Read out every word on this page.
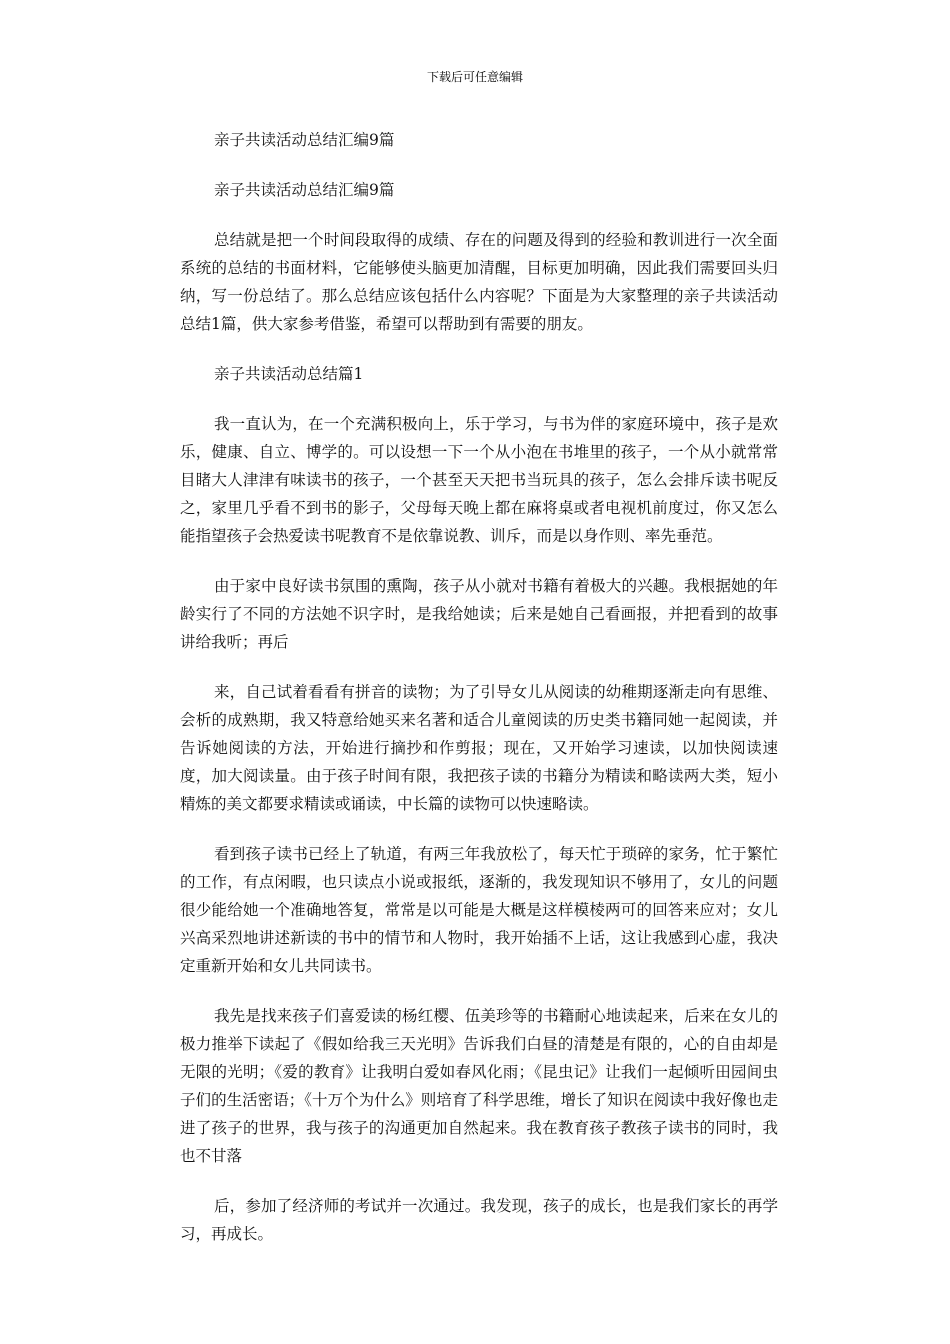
下载后可任意编辑

亲子共读活动总结汇编9篇

亲子共读活动总结汇编9篇

总结就是把一个时间段取得的成绩、存在的问题及得到的经验和教训进行一次全面系统的总结的书面材料，它能够使头脑更加清醒，目标更加明确，因此我们需要回头归纳，写一份总结了。那么总结应该包括什么内容呢？下面是为大家整理的亲子共读活动总结1篇，供大家参考借鉴，希望可以帮助到有需要的朋友。

亲子共读活动总结篇1

我一直认为，在一个充满积极向上，乐于学习，与书为伴的家庭环境中，孩子是欢乐，健康、自立、博学的。可以设想一下一个从小泡在书堆里的孩子，一个从小就常常目睹大人津津有味读书的孩子，一个甚至天天把书当玩具的孩子，怎么会排斥读书呢反之，家里几乎看不到书的影子，父母每天晚上都在麻将桌或者电视机前度过，你又怎么能指望孩子会热爱读书呢教育不是依靠说教、训斥，而是以身作则、率先垂范。

由于家中良好读书氛围的熏陶，孩子从小就对书籍有着极大的兴趣。我根据她的年龄实行了不同的方法她不识字时，是我给她读；后来是她自己看画报，并把看到的故事讲给我听；再后

来，自己试着看看有拼音的读物；为了引导女儿从阅读的幼稚期逐渐走向有思维、会析的成熟期，我又特意给她买来名著和适合儿童阅读的历史类书籍同她一起阅读，并告诉她阅读的方法，开始进行摘抄和作剪报；现在，又开始学习速读，以加快阅读速度，加大阅读量。由于孩子时间有限，我把孩子读的书籍分为精读和略读两大类，短小精炼的美文都要求精读或诵读，中长篇的读物可以快速略读。

看到孩子读书已经上了轨道，有两三年我放松了，每天忙于琐碎的家务，忙于繁忙的工作，有点闲暇，也只读点小说或报纸，逐渐的，我发现知识不够用了，女儿的问题很少能给她一个准确地答复，常常是以可能是大概是这样模棱两可的回答来应对；女儿兴高采烈地讲述新读的书中的情节和人物时，我开始插不上话，这让我感到心虚，我决定重新开始和女儿共同读书。

我先是找来孩子们喜爱读的杨红樱、伍美珍等的书籍耐心地读起来，后来在女儿的极力推举下读起了《假如给我三天光明》告诉我们白昼的清楚是有限的，心的自由却是无限的光明；《爱的教育》让我明白爱如春风化雨；《昆虫记》让我们一起倾听田园间虫子们的生活密语；《十万个为什么》则培育了科学思维，增长了知识在阅读中我好像也走进了孩子的世界，我与孩子的沟通更加自然起来。我在教育孩子教孩子读书的同时，我也不甘落

后，参加了经济师的考试并一次通过。我发现，孩子的成长，也是我们家长的再学习，再成长。
